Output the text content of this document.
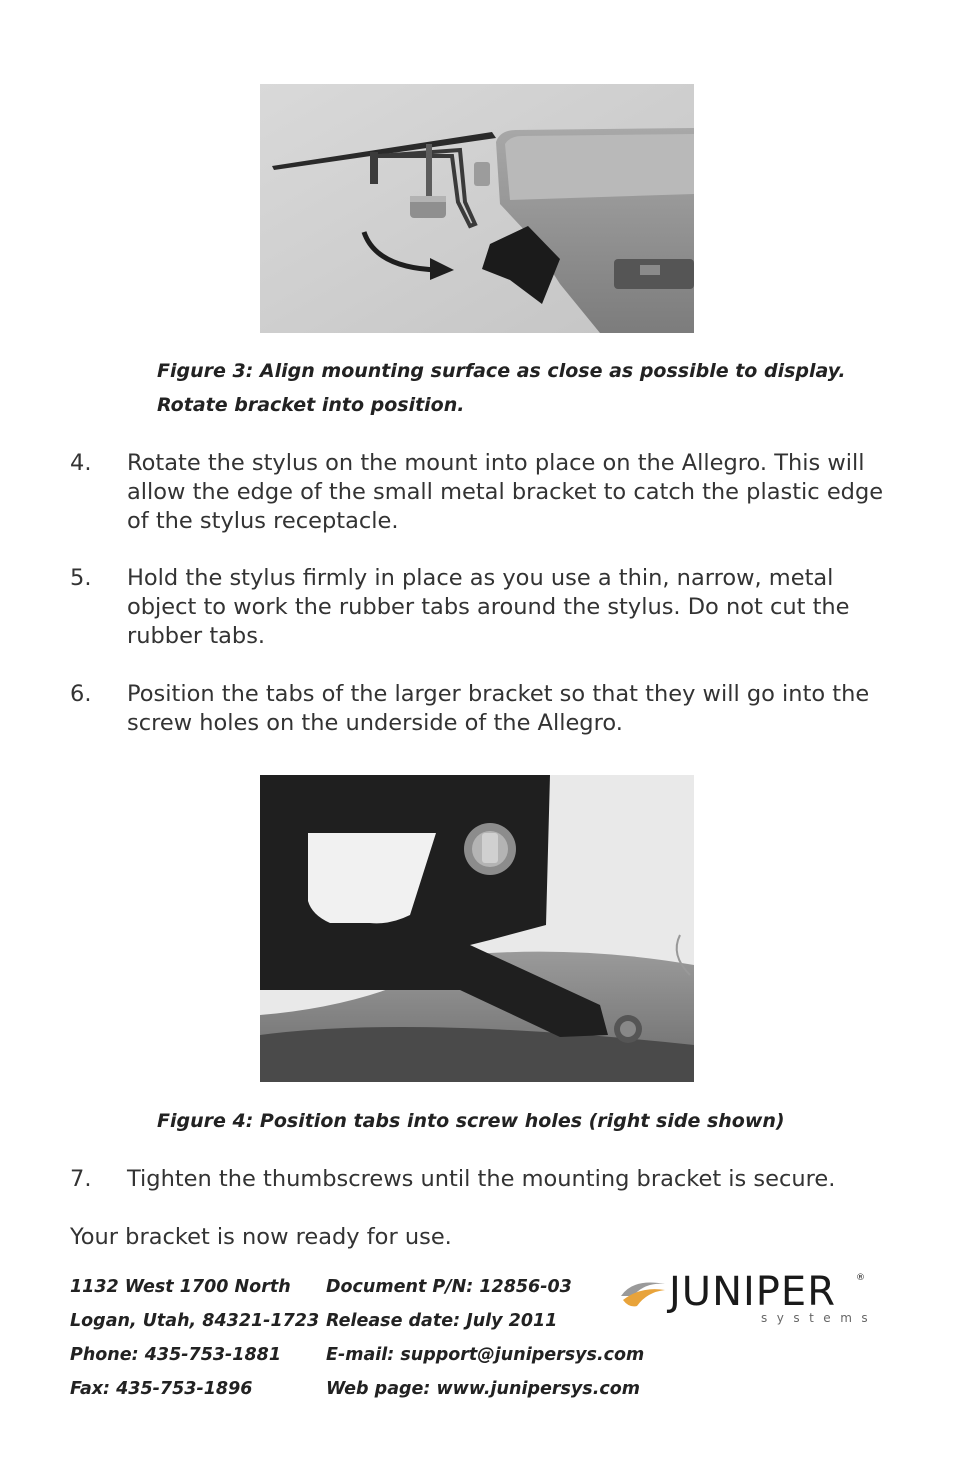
Figure 3: Align mounting surface as close as possible to display.
Rotate bracket into position.
4. Rotate the stylus on the mount into place on the Allegro. This will allow the edge of the small metal bracket to catch the plastic edge of the stylus receptacle.
5. Hold the stylus firmly in place as you use a thin, narrow, metal object to work the rubber tabs around the stylus. Do not cut the rubber tabs.
6. Position the tabs of the larger bracket so that they will go into the screw holes on the underside of the Allegro.
Figure 4: Position tabs into screw holes (right side shown)
7. Tighten the thumbscrews until the mounting bracket is secure.
Your bracket is now ready for use.
1132 West 1700 North
Logan, Utah, 84321-1723
Phone: 435-753-1881
Fax: 435-753-1896
Document P/N: 12856-03
Release date: July 2011
E-mail: support@junipersys.com
Web page: www.junipersys.com
JUNIPER ®
systems
